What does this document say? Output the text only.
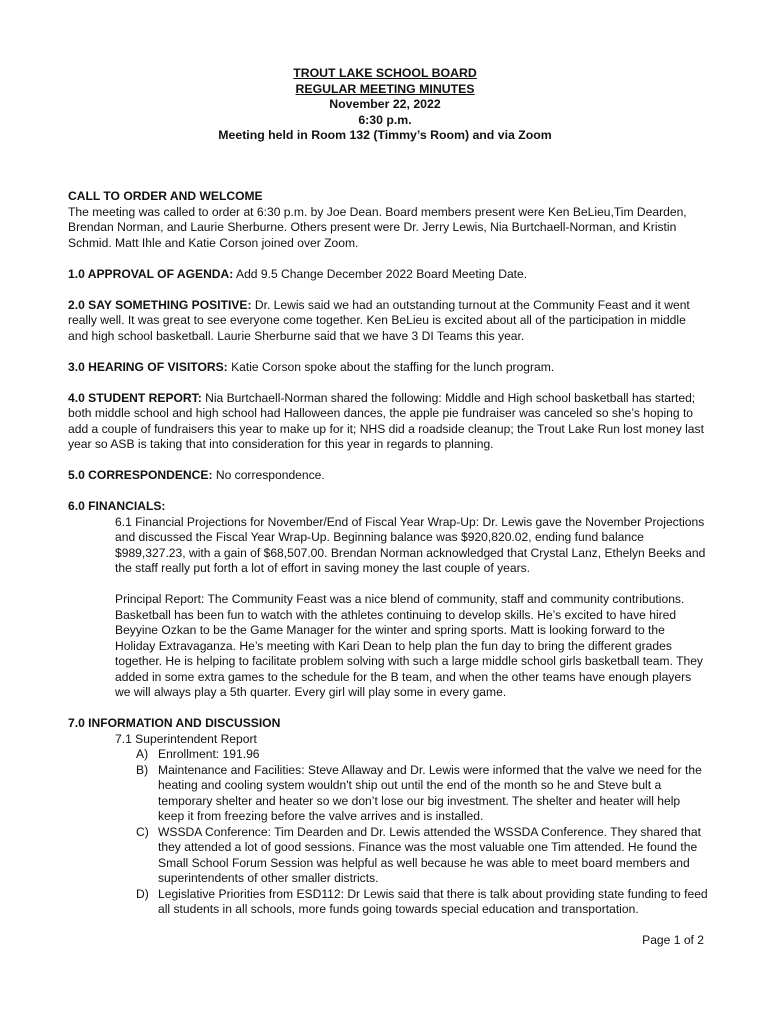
TROUT LAKE SCHOOL BOARD
REGULAR MEETING MINUTES
November 22, 2022
6:30 p.m.
Meeting held in Room 132 (Timmy’s Room) and via Zoom

CALL TO ORDER AND WELCOME

The meeting was called to order at 6:30 p.m. by Joe Dean. Board members present were Ken BeLieu,Tim Dearden, Brendan Norman, and Laurie Sherburne. Others present were Dr. Jerry Lewis, Nia Burtchaell-Norman, and Kristin Schmid. Matt Ihle and Katie Corson joined over Zoom.

1.0 APPROVAL OF AGENDA: Add 9.5 Change December 2022 Board Meeting Date.

2.0 SAY SOMETHING POSITIVE: Dr. Lewis said we had an outstanding turnout at the Community Feast and it went really well. It was great to see everyone come together. Ken BeLieu is excited about all of the participation in middle and high school basketball. Laurie Sherburne said that we have 3 DI Teams this year.

3.0 HEARING OF VISITORS: Katie Corson spoke about the staffing for the lunch program.

4.0 STUDENT REPORT: Nia Burtchaell-Norman shared the following: Middle and High school basketball has started; both middle school and high school had Halloween dances, the apple pie fundraiser was canceled so she’s hoping to add a couple of fundraisers this year to make up for it; NHS did a roadside cleanup; the Trout Lake Run lost money last year so ASB is taking that into consideration for this year in regards to planning.

5.0 CORRESPONDENCE: No correspondence.

6.0 FINANCIALS:

6.1 Financial Projections for November/End of Fiscal Year Wrap-Up: Dr. Lewis gave the November Projections and discussed the Fiscal Year Wrap-Up. Beginning balance was $920,820.02, ending fund balance $989,327.23, with a gain of $68,507.00. Brendan Norman acknowledged that Crystal Lanz, Ethelyn Beeks and the staff really put forth a lot of effort in saving money the last couple of years.

Principal Report: The Community Feast was a nice blend of community, staff and community contributions. Basketball has been fun to watch with the athletes continuing to develop skills. He’s excited to have hired Beyyine Ozkan to be the Game Manager for the winter and spring sports. Matt is looking forward to the Holiday Extravaganza. He’s meeting with Kari Dean to help plan the fun day to bring the different grades together. He is helping to facilitate problem solving with such a large middle school girls basketball team. They added in some extra games to the schedule for the B team, and when the other teams have enough players we will always play a 5th quarter. Every girl will play some in every game.

7.0 INFORMATION AND DISCUSSION

7.1 Superintendent Report

A) Enrollment: 191.96
B) Maintenance and Facilities: Steve Allaway and Dr. Lewis were informed that the valve we need for the heating and cooling system wouldn't ship out until the end of the month so he and Steve bult a temporary shelter and heater so we don’t lose our big investment. The shelter and heater will help keep it from freezing before the valve arrives and is installed.
C) WSSDA Conference: Tim Dearden and Dr. Lewis attended the WSSDA Conference. They shared that they attended a lot of good sessions. Finance was the most valuable one Tim attended. He found the Small School Forum Session was helpful as well because he was able to meet board members and superintendents of other smaller districts.
D) Legislative Priorities from ESD112: Dr Lewis said that there is talk about providing state funding to feed all students in all schools, more funds going towards special education and transportation.
Page 1 of 2
